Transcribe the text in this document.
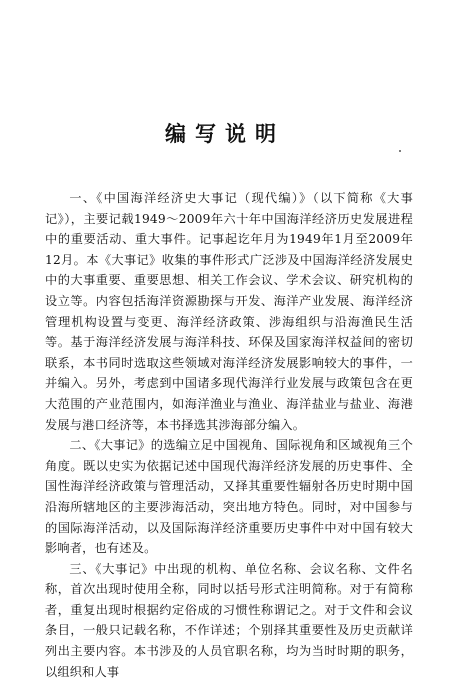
编写说明

一、《中国海洋经济史大事记（现代编）》（以下简称《大事记》），主要记载1949～2009年六十年中国海洋经济历史发展进程中的重要活动、重大事件。记事起讫年月为1949年1月至2009年12月。本《大事记》收集的事件形式广泛涉及中国海洋经济发展史中的大事重要、重要思想、相关工作会议、学术会议、研究机构的设立等。内容包括海洋资源勘探与开发、海洋产业发展、海洋经济管理机构设置与变更、海洋经济政策、涉海组织与沿海渔民生活等。基于海洋经济发展与海洋科技、环保及国家海洋权益间的密切联系，本书同时选取这些领域对海洋经济发展影响较大的事件，一并编入。另外，考虑到中国诸多现代海洋行业发展与政策包含在更大范围的产业范围内，如海洋渔业与渔业、海洋盐业与盐业、海港发展与港口经济等，本书择选其涉海部分编入。

二、《大事记》的选编立足中国视角、国际视角和区域视角三个角度。既以史实为依据记述中国现代海洋经济发展的历史事件、全国性海洋经济政策与管理活动，又择其重要性辐射各历史时期中国沿海所辖地区的主要涉海活动，突出地方特色。同时，对中国参与的国际海洋活动，以及国际海洋经济重要历史事件中对中国有较大影响者，也有述及。

三、《大事记》中出现的机构、单位名称、会议名称、文件名称，首次出现时使用全称，同时以括号形式注明简称。对于有简称者，重复出现时根据约定俗成的习惯性称谓记之。对于文件和会议条目，一般只记载名称，不作详述；个别择其重要性及历史贡献详列出主要内容。本书涉及的人员官职名称，均为当时时期的职务，以组织和人事
